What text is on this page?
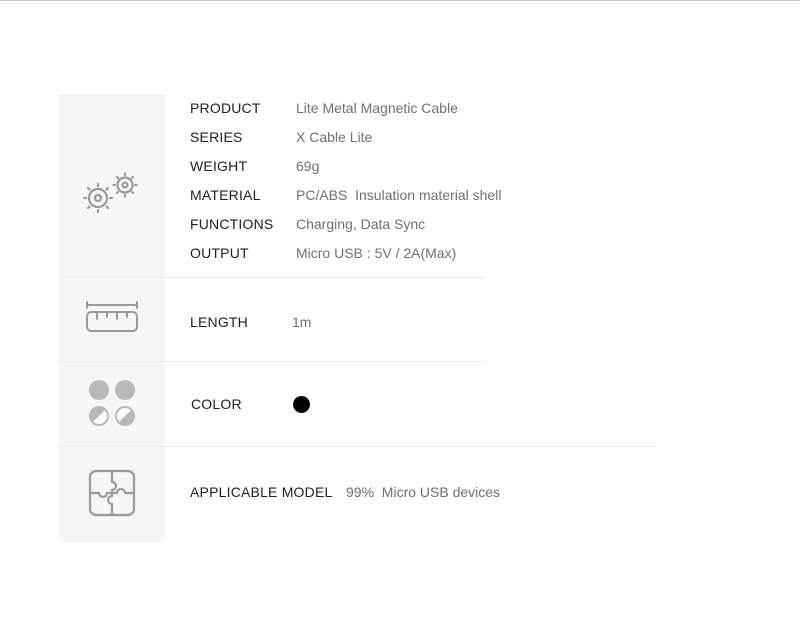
PRODUCT	Lite Metal Magnetic Cable
SERIES	X Cable Lite
WEIGHT	69g
MATERIAL	PC/ABS  Insulation material shell
FUNCTIONS Charging, Data Sync
OUTPUT	Micro USB : 5V / 2A(Max)
LENGTH	1m
COLOR
APPLICABLE MODEL 99%  Micro USB devices
